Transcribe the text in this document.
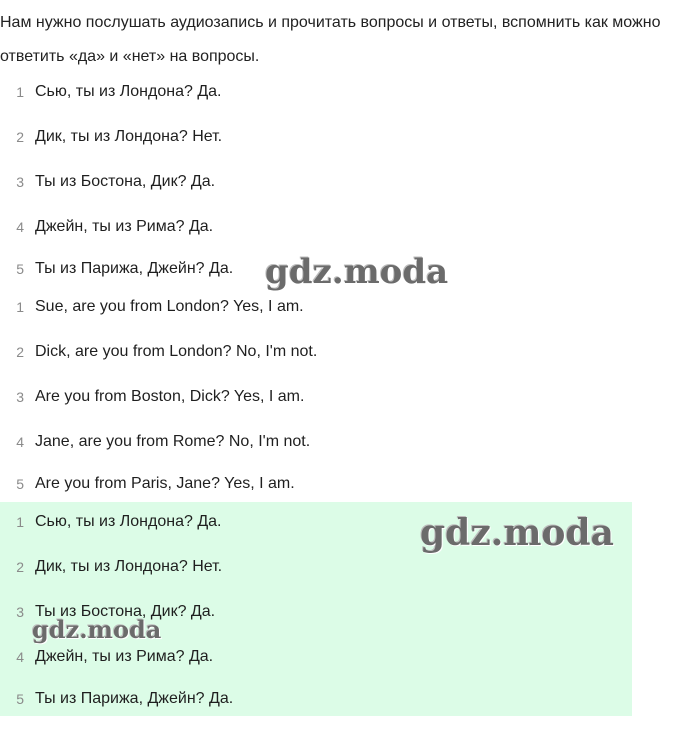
Нам нужно послушать аудиозапись и прочитать вопросы и ответы, вспомнить как можно ответить «да» и «нет» на вопросы.

1 Сью, ты из Лондона? Да.
2 Дик, ты из Лондона? Нет.
3 Ты из Бостона, Дик? Да.
4 Джейн, ты из Рима? Да.
5 Ты из Парижа, Джейн? Да.
1 Sue, are you from London? Yes, I am.
2 Dick, are you from London? No, I'm not.
3 Are you from Boston, Dick? Yes, I am.
4 Jane, are you from Rome? No, I'm not.
5 Are you from Paris, Jane? Yes, I am.
1 Сью, ты из Лондона? Да.
2 Дик, ты из Лондона? Нет.
3 Ты из Бостона, Дик? Да.
4 Джейн, ты из Рима? Да.
5 Ты из Парижа, Джейн? Да.
gdz.moda
gdz.moda
gdz.moda
